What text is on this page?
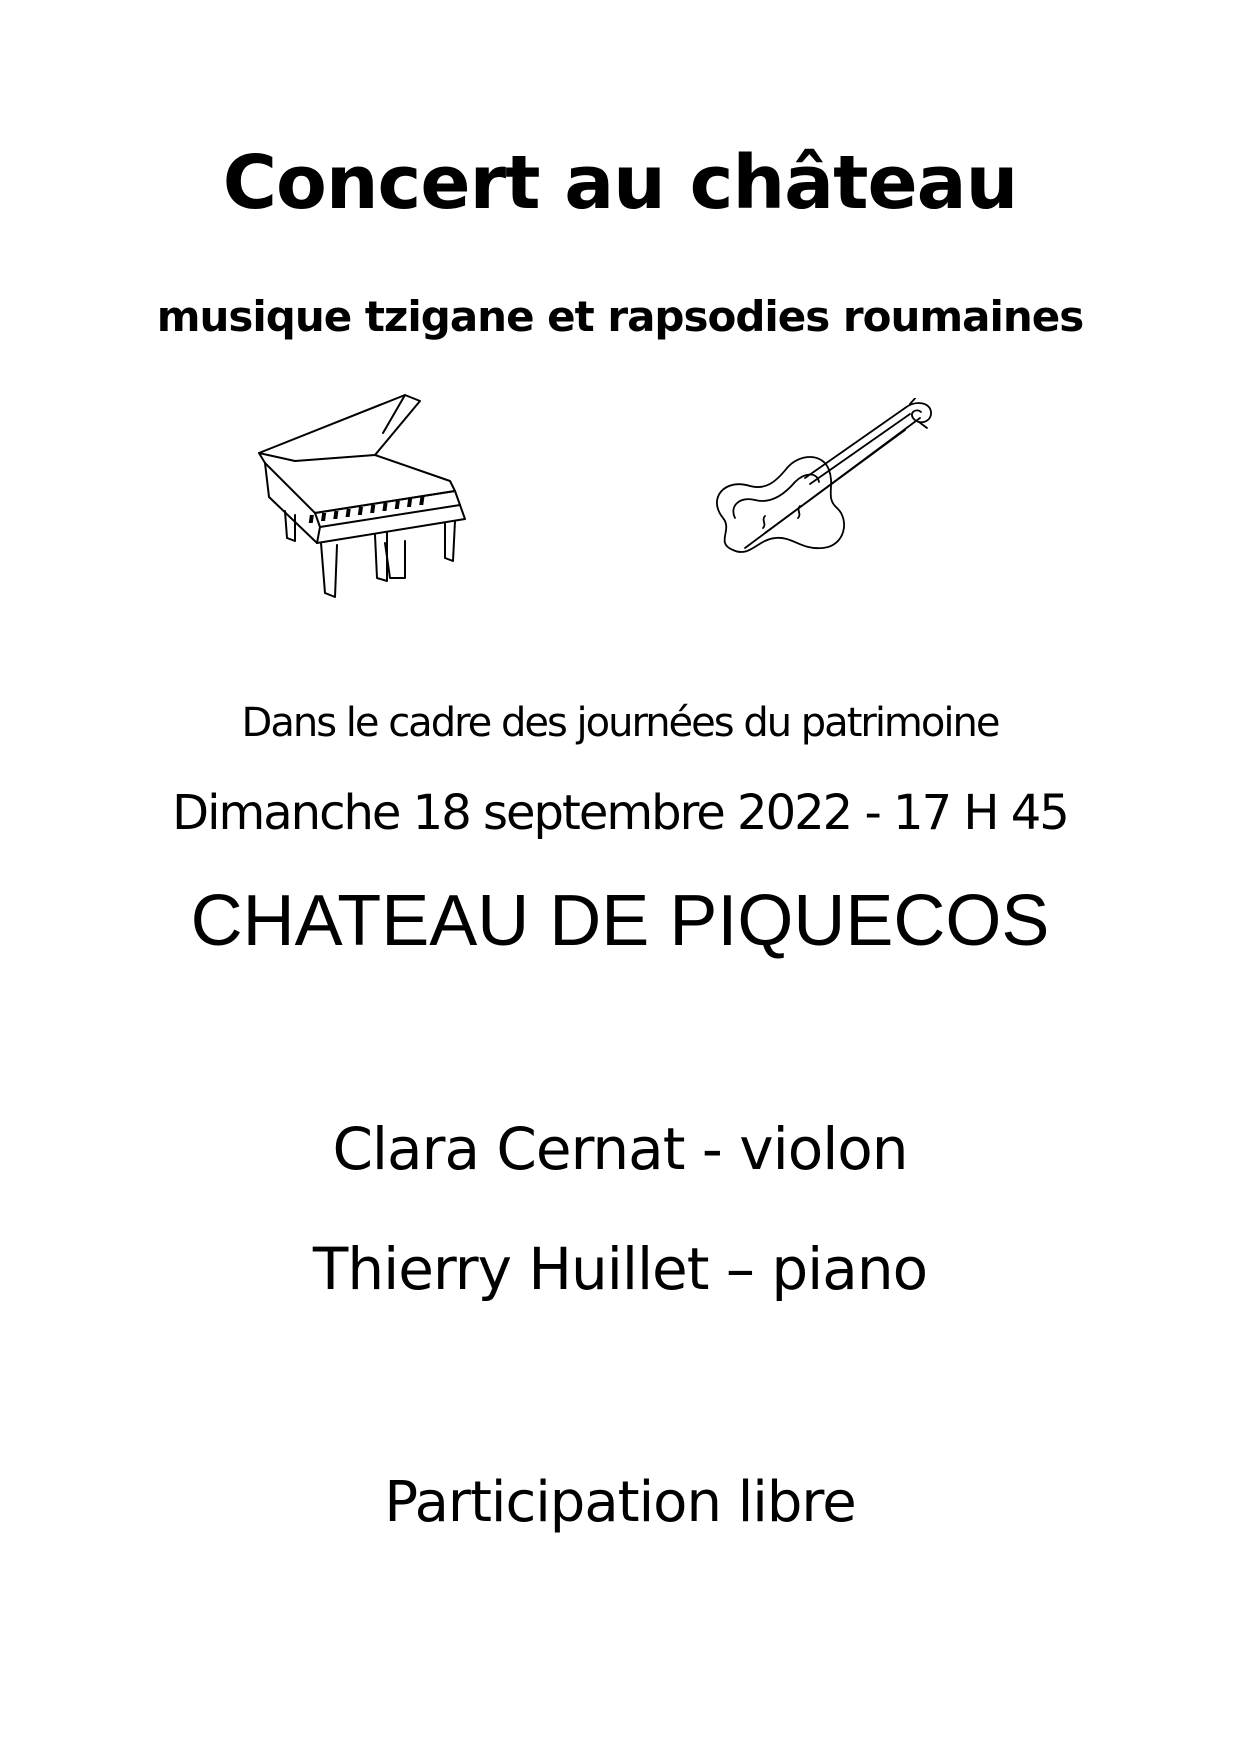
Concert au château
musique tzigane et rapsodies roumaines
Dans le cadre des journées du patrimoine
Dimanche 18 septembre 2022 - 17 H 45
CHATEAU DE PIQUECOS
Clara Cernat - violon
Thierry Huillet – piano
Participation libre
